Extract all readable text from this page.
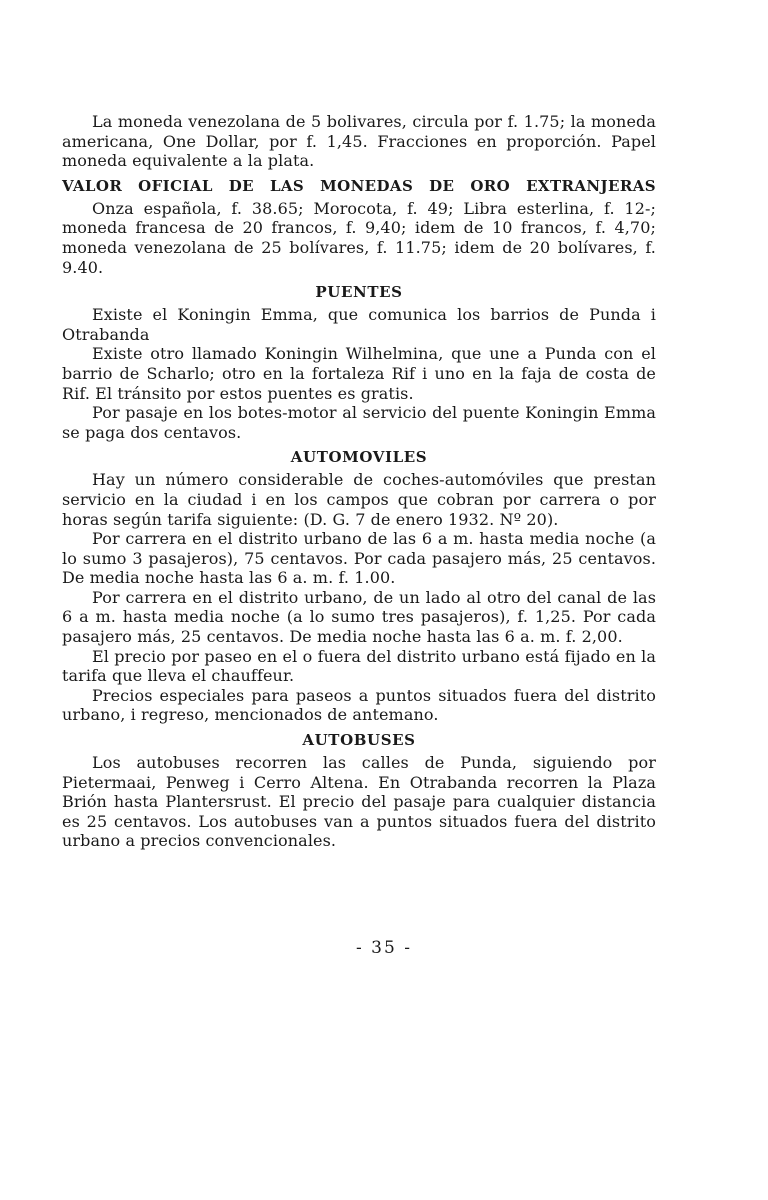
La moneda venezolana de 5 bolivares, circula por f. 1.75; la moneda americana, One Dollar, por f. 1,45. Fracciones en proporción. Papel moneda equivalente a la plata.

VALOR OFICIAL DE LAS MONEDAS DE ORO EXTRANJERAS

Onza española, f. 38.65; Morocota, f. 49; Libra esterlina, f. 12-; moneda francesa de 20 francos, f. 9,40; idem de 10 francos, f. 4,70; moneda venezolana de 25 bolívares, f. 11.75; idem de 20 bolívares, f. 9.40.

PUENTES

Existe el Koningin Emma, que comunica los barrios de Punda i Otrabanda

Existe otro llamado Koningin Wilhelmina, que une a Punda con el barrio de Scharlo; otro en la fortaleza Rif i uno en la faja de costa de Rif. El tránsito por estos puentes es gratis.

Por pasaje en los botes-motor al servicio del puente Koningin Emma se paga dos centavos.

AUTOMOVILES

Hay un número considerable de coches-automóviles que prestan servicio en la ciudad i en los campos que cobran por carrera o por horas según tarifa siguiente: (D. G. 7 de enero 1932. Nº 20).

Por carrera en el distrito urbano de las 6 a m. hasta media noche (a lo sumo 3 pasajeros), 75 centavos. Por cada pasajero más, 25 centavos. De media noche hasta las 6 a. m. f. 1.00.

Por carrera en el distrito urbano, de un lado al otro del canal de las 6 a m. hasta media noche (a lo sumo tres pasajeros), f. 1,25. Por cada pasajero más, 25 centavos. De media noche hasta las 6 a. m. f. 2,00.

El precio por paseo en el o fuera del distrito urbano está fijado en la tarifa que lleva el chauffeur.

Precios especiales para paseos a puntos situados fuera del distrito urbano, i regreso, mencionados de antemano.

AUTOBUSES

Los autobuses recorren las calles de Punda, siguiendo por Pietermaai, Penweg i Cerro Altena. En Otrabanda recorren la Plaza Brión hasta Plantersrust. El precio del pasaje para cualquier distancia es 25 centavos. Los autobuses van a puntos situados fuera del distrito urbano a precios convencionales.

- 35 -
